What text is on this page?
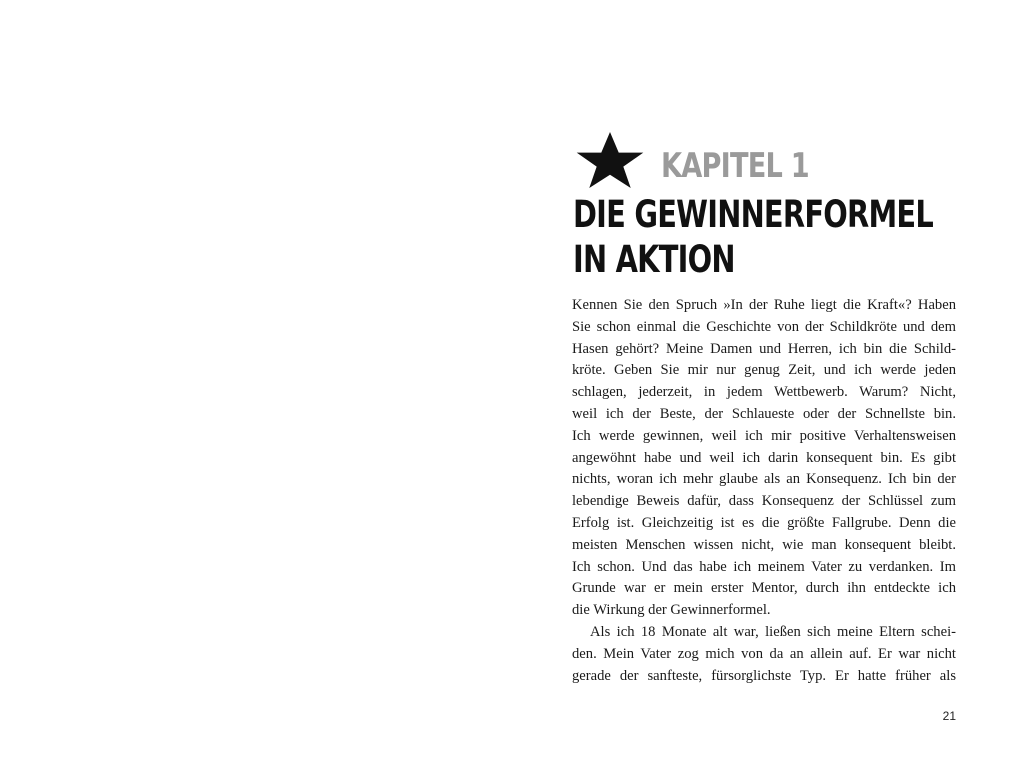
KAPITEL 1
DIE GEWINNERFORMEL
IN AKTION
Kennen Sie den Spruch »In der Ruhe liegt die Kraft«? Haben
Sie schon einmal die Geschichte von der Schildkröte und dem
Hasen gehört? Meine Damen und Herren, ich bin die Schild-
kröte. Geben Sie mir nur genug Zeit, und ich werde jeden
schlagen, jederzeit, in jedem Wettbewerb. Warum? Nicht,
weil ich der Beste, der Schlaueste oder der Schnellste bin.
Ich werde gewinnen, weil ich mir positive Verhaltensweisen
angewöhnt habe und weil ich darin konsequent bin. Es gibt
nichts, woran ich mehr glaube als an Konsequenz. Ich bin der
lebendige Beweis dafür, dass Konsequenz der Schlüssel zum
Erfolg ist. Gleichzeitig ist es die größte Fallgrube. Denn die
meisten Menschen wissen nicht, wie man konsequent bleibt.
Ich schon. Und das habe ich meinem Vater zu verdanken. Im
Grunde war er mein erster Mentor, durch ihn entdeckte ich
die Wirkung der Gewinnerformel.
Als ich 18 Monate alt war, ließen sich meine Eltern schei-
den. Mein Vater zog mich von da an allein auf. Er war nicht
gerade der sanfteste, fürsorglichste Typ. Er hatte früher als
21
